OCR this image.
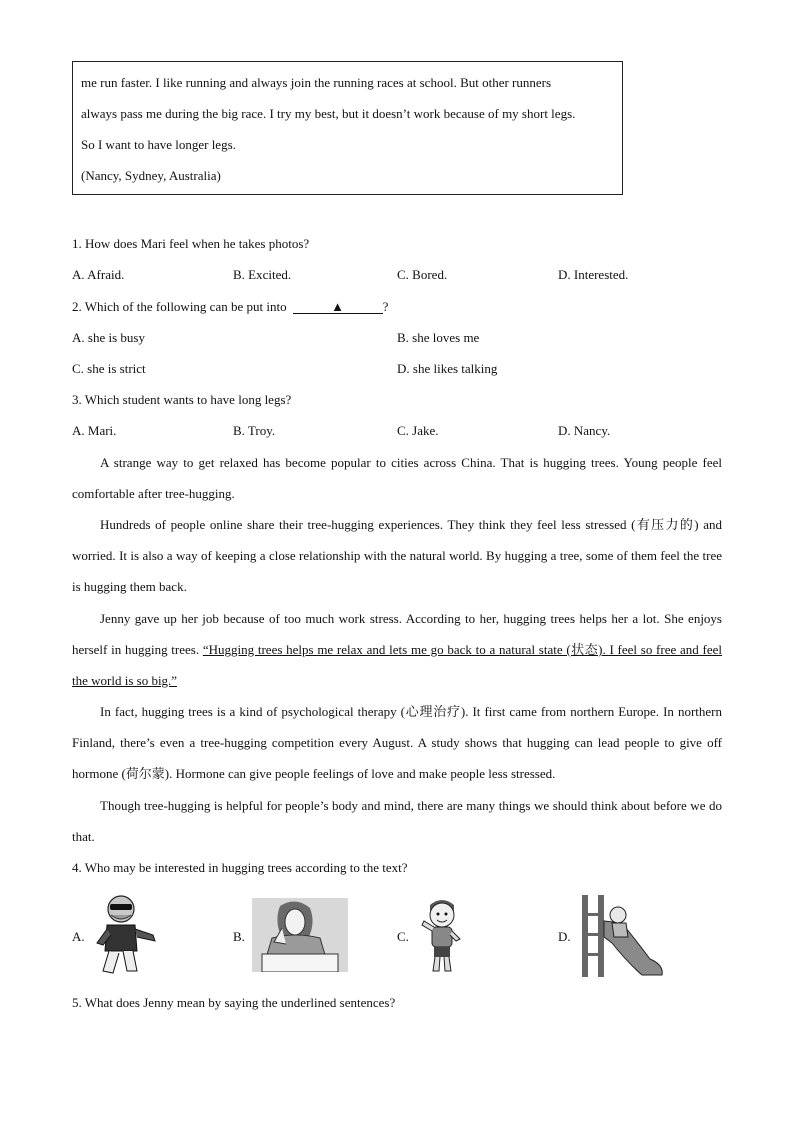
me run faster. I like running and always join the running races at school. But other runners
always pass me during the big race. I try my best, but it doesn’t work because of my short legs.
So I want to have longer legs.
(Nancy, Sydney, Australia)
1. How does Mari feel when he takes photos?
A. Afraid.	B. Excited.	C. Bored.	D. Interested.
2. Which of the following can be put into	▲	?
A. she is busy	B. she loves me
C. she is strict	D. she likes talking
3. Which student wants to have long legs?
A. Mari.	B. Troy.	C. Jake.	D. Nancy.
A strange way to get relaxed has become popular to cities across China. That is hugging trees. Young people feel comfortable after tree-hugging.
Hundreds of people online share their tree-hugging experiences. They think they feel less stressed (有压力的) and worried. It is also a way of keeping a close relationship with the natural world. By hugging a tree, some of them feel the tree is hugging them back.
Jenny gave up her job because of too much work stress. According to her, hugging trees helps her a lot. She enjoys herself in hugging trees. “Hugging trees helps me relax and lets me go back to a natural state (状态). I feel so free and feel the world is so big.”
In fact, hugging trees is a kind of psychological therapy (心理治疗). It first came from northern Europe. In northern Finland, there’s even a tree-hugging competition every August. A study shows that hugging can lead people to give off hormone (荷尔蒙). Hormone can give people feelings of love and make people less stressed.
Though tree-hugging is helpful for people’s body and mind, there are many things we should think about before we do that.
4. Who may be interested in hugging trees according to the text?
A.	B.	C.	D.
5. What does Jenny mean by saying the underlined sentences?
